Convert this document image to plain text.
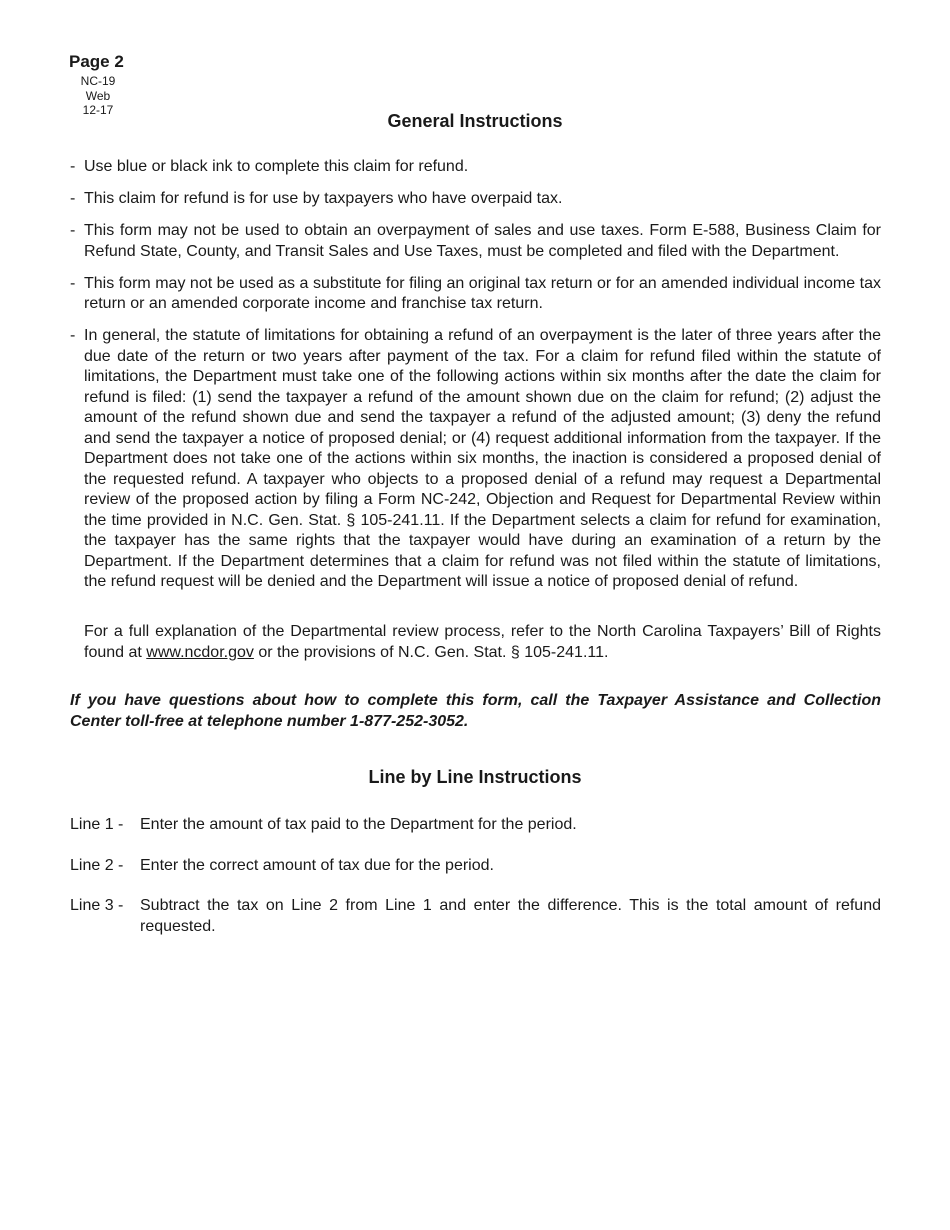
Page 2
NC-19
Web
12-17
General Instructions
- Use blue or black ink to complete this claim for refund.
- This claim for refund is for use by taxpayers who have overpaid tax.
- This form may not be used to obtain an overpayment of sales and use taxes. Form E-588, Business Claim for Refund State, County, and Transit Sales and Use Taxes, must be completed and filed with the Department.
- This form may not be used as a substitute for filing an original tax return or for an amended individual income tax return or an amended corporate income and franchise tax return.
- In general, the statute of limitations for obtaining a refund of an overpayment is the later of three years after the due date of the return or two years after payment of the tax. For a claim for refund filed within the statute of limitations, the Department must take one of the following actions within six months after the date the claim for refund is filed: (1) send the taxpayer a refund of the amount shown due on the claim for refund; (2) adjust the amount of the refund shown due and send the taxpayer a refund of the adjusted amount; (3) deny the refund and send the taxpayer a notice of proposed denial; or (4) request additional information from the taxpayer. If the Department does not take one of the actions within six months, the inaction is considered a proposed denial of the requested refund. A taxpayer who objects to a proposed denial of a refund may request a Departmental review of the proposed action by filing a Form NC-242, Objection and Request for Departmental Review within the time provided in N.C. Gen. Stat. § 105-241.11. If the Department selects a claim for refund for examination, the taxpayer has the same rights that the taxpayer would have during an examination of a return by the Department. If the Department determines that a claim for refund was not filed within the statute of limitations, the refund request will be denied and the Department will issue a notice of proposed denial of refund.
For a full explanation of the Departmental review process, refer to the North Carolina Taxpayers’ Bill of Rights found at www.ncdor.gov or the provisions of N.C. Gen. Stat. § 105-241.11.
If you have questions about how to complete this form, call the Taxpayer Assistance and Collection Center toll-free at telephone number 1-877-252-3052.
Line by Line Instructions
Line 1 -	Enter the amount of tax paid to the Department for the period.
Line 2 -	Enter the correct amount of tax due for the period.
Line 3 -	Subtract the tax on Line 2 from Line 1 and enter the difference. This is the total amount of refund requested.
